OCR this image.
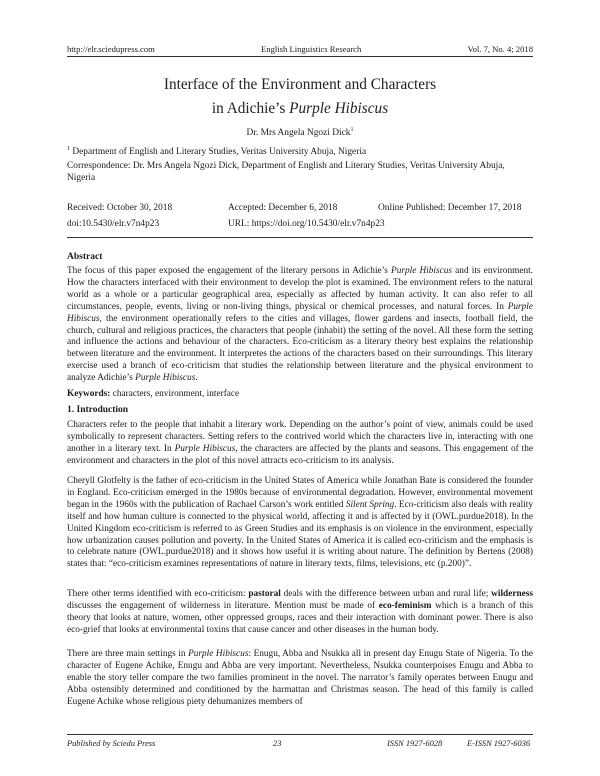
http://elr.sciedupress.com	English Linguistics Research	Vol. 7, No. 4; 2018
Interface of the Environment and Characters
in Adichie’s Purple Hibiscus
Dr. Mrs Angela Ngozi Dick$^1$
$^1$ Department of English and Literary Studies, Veritas University Abuja, Nigeria
Correspondence: Dr. Mrs Angela Ngozi Dick, Department of English and Literary Studies, Veritas University Abuja, Nigeria
Received: October 30, 2018	Accepted: December 6, 2018	Online Published: December 17, 2018
doi:10.5430/elr.v7n4p23	URL: https://doi.org/10.5430/elr.v7n4p23
Abstract

The focus of this paper exposed the engagement of the literary persons in Adichie’s Purple Hibiscus and its environment. How the characters interfaced with their environment to develop the plot is examined. The environment refers to the natural world as a whole or a particular geographical area, especially as affected by human activity. It can also refer to all circumstances, people, events, living or non-living things, physical or chemical processes, and natural forces. In Purple Hibiscus, the environment operationally refers to the cities and villages, flower gardens and insects, football field, the church, cultural and religious practices, the characters that people (inhabit) the setting of the novel. All these form the setting and influence the actions and behaviour of the characters. Eco-criticism as a literary theory best explains the relationship between literature and the environment. It interpretes the actions of the characters based on their surroundings. This literary exercise used a branch of eco-criticism that studies the relationship between literature and the physical environment to analyze Adichie’s Purple Hibiscus.

Keywords: characters, environment, interface
1. Introduction

Characters refer to the people that inhabit a literary work. Depending on the author’s point of view, animals could be used symbolically to represent characters. Setting refers to the contrived world which the characters live in, interacting with one another in a literary text. In Purple Hibiscus, the characters are affected by the plants and seasons. This engagement of the environment and characters in the plot of this novel attracts eco-criticism to its analysis.

Cheryll Glotfelty is the father of eco-criticism in the United States of America while Jonathan Bate is considered the founder in England. Eco-criticism emerged in the 1980s because of environmental degradation. However, environmental movement began in the 1960s with the publication of Rachael Carson’s work entitled Silent Spring. Eco-criticism also deals with reality itself and how human culture is connected to the physical world, affecting it and is affected by it (OWL.purdue2018). In the United Kingdom eco-criticism is referred to as Green Studies and its emphasis is on violence in the environment, especially how urbanization causes pollution and poverty. In the United States of America it is called eco-criticism and the emphasis is to celebrate nature (OWL.purdue2018) and it shows how useful it is writing about nature. The definition by Bertens (2008) states that: “eco-criticism examines representations of nature in literary texts, films, televisions, etc (p.200)”.

There other terms identified with eco-criticism: pastoral deals with the difference between urban and rural life; wilderness discusses the engagement of wilderness in literature. Mention must be made of eco-feminism which is a branch of this theory that looks at nature, women, other oppressed groups, races and their interaction with dominant power. There is also eco-grief that looks at environmental toxins that cause cancer and other diseases in the human body.

There are three main settings in Purple Hibiscus: Enugu, Abba and Nsukka all in present day Enugu State of Nigeria. To the character of Eugene Achike, Enugu and Abba are very important. Nevertheless, Nsukka counterpoises Enugu and Abba to enable the story teller compare the two families prominent in the novel. The narrator’s family operates between Enugu and Abba ostensibly determined and conditioned by the harmattan and Christmas season. The head of this family is called Eugene Achike whose religious piety dehumanizes members of

Published by Sciedu Press	23	ISSN 1927-6028	E-ISSN 1927-6036
